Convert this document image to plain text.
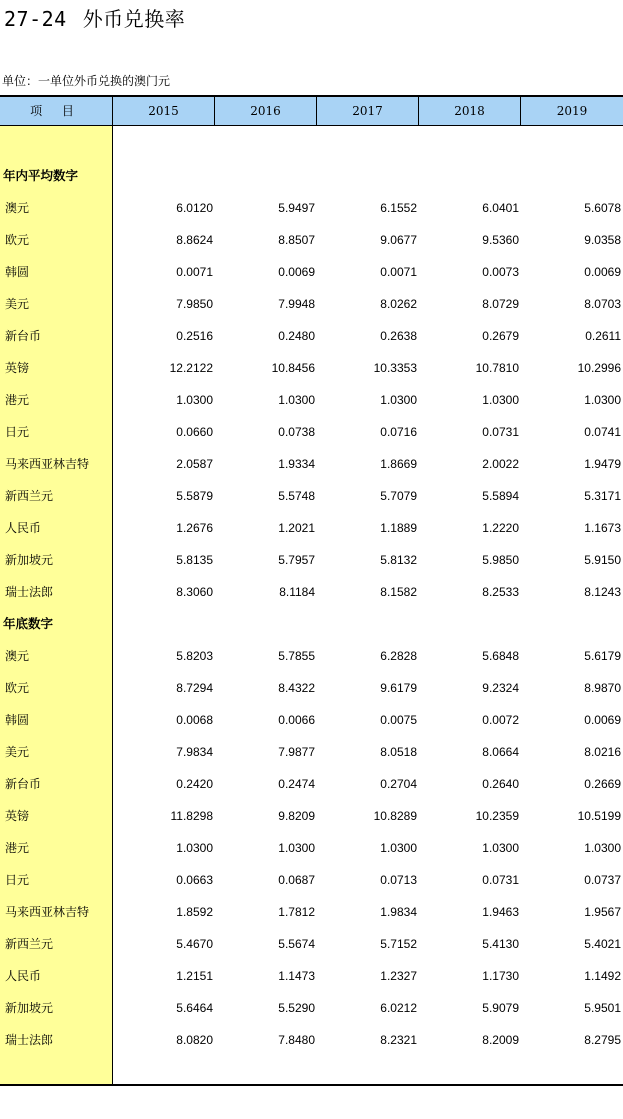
27-24 外币兑换率
单位：一单位外币兑换的澳门元
项 目	2015	2016	2017	2018	2019
年内平均数字
澳元	6.0120	5.9497	6.1552	6.0401	5.6078
欧元	8.8624	8.8507	9.0677	9.5360	9.0358
韩圆	0.0071	0.0069	0.0071	0.0073	0.0069
美元	7.9850	7.9948	8.0262	8.0729	8.0703
新台币	0.2516	0.2480	0.2638	0.2679	0.2611
英镑	12.2122	10.8456	10.3353	10.7810	10.2996
港元	1.0300	1.0300	1.0300	1.0300	1.0300
日元	0.0660	0.0738	0.0716	0.0731	0.0741
马来西亚林吉特	2.0587	1.9334	1.8669	2.0022	1.9479
新西兰元	5.5879	5.5748	5.7079	5.5894	5.3171
人民币	1.2676	1.2021	1.1889	1.2220	1.1673
新加坡元	5.8135	5.7957	5.8132	5.9850	5.9150
瑞士法郎	8.3060	8.1184	8.1582	8.2533	8.1243
年底数字
澳元	5.8203	5.7855	6.2828	5.6848	5.6179
欧元	8.7294	8.4322	9.6179	9.2324	8.9870
韩圆	0.0068	0.0066	0.0075	0.0072	0.0069
美元	7.9834	7.9877	8.0518	8.0664	8.0216
新台币	0.2420	0.2474	0.2704	0.2640	0.2669
英镑	11.8298	9.8209	10.8289	10.2359	10.5199
港元	1.0300	1.0300	1.0300	1.0300	1.0300
日元	0.0663	0.0687	0.0713	0.0731	0.0737
马来西亚林吉特	1.8592	1.7812	1.9834	1.9463	1.9567
新西兰元	5.4670	5.5674	5.7152	5.4130	5.4021
人民币	1.2151	1.1473	1.2327	1.1730	1.1492
新加坡元	5.6464	5.5290	6.0212	5.9079	5.9501
瑞士法郎	8.0820	7.8480	8.2321	8.2009	8.2795
